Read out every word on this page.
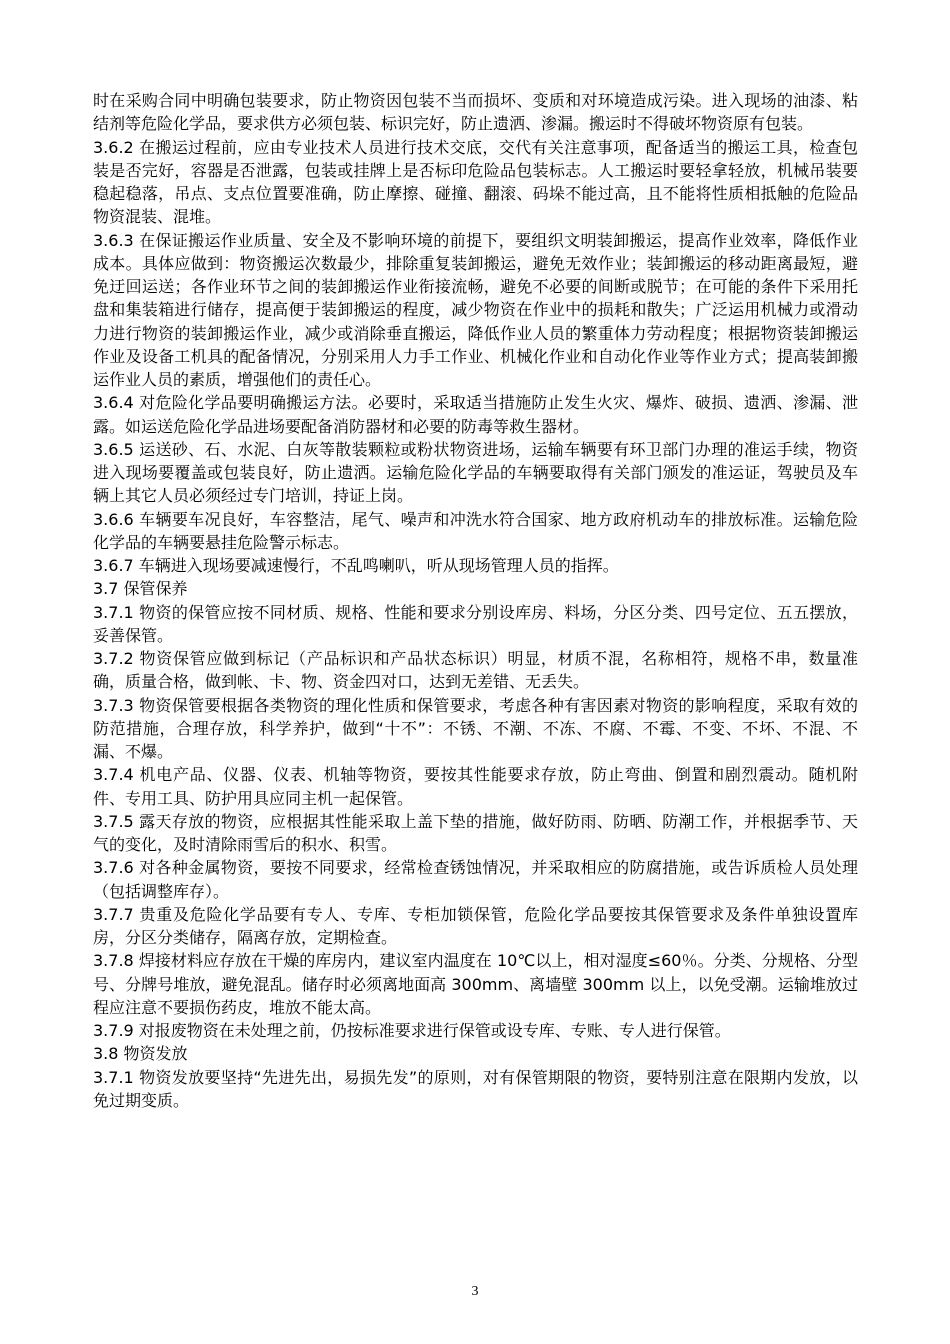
时在采购合同中明确包装要求，防止物资因包装不当而损坏、变质和对环境造成污染。进入现场的油漆、粘结剂等危险化学品，要求供方必须包装、标识完好，防止遗洒、渗漏。搬运时不得破坏物资原有包装。

3.6.2 在搬运过程前，应由专业技术人员进行技术交底，交代有关注意事项，配备适当的搬运工具，检查包装是否完好，容器是否泄露，包装或挂牌上是否标印危险品包装标志。人工搬运时要轻拿轻放，机械吊装要稳起稳落，吊点、支点位置要准确，防止摩擦、碰撞、翻滚、码垛不能过高，且不能将性质相抵触的危险品物资混装、混堆。

3.6.3 在保证搬运作业质量、安全及不影响环境的前提下，要组织文明装卸搬运，提高作业效率，降低作业成本。具体应做到：物资搬运次数最少，排除重复装卸搬运，避免无效作业；装卸搬运的移动距离最短，避免迂回运送；各作业环节之间的装卸搬运作业衔接流畅，避免不必要的间断或脱节；在可能的条件下采用托盘和集装箱进行储存，提高便于装卸搬运的程度，减少物资在作业中的损耗和散失；广泛运用机械力或滑动力进行物资的装卸搬运作业，减少或消除垂直搬运，降低作业人员的繁重体力劳动程度；根据物资装卸搬运作业及设备工机具的配备情况，分别采用人力手工作业、机械化作业和自动化作业等作业方式；提高装卸搬运作业人员的素质，增强他们的责任心。

3.6.4 对危险化学品要明确搬运方法。必要时，采取适当措施防止发生火灾、爆炸、破损、遗洒、渗漏、泄露。如运送危险化学品进场要配备消防器材和必要的防毒等救生器材。

3.6.5 运送砂、石、水泥、白灰等散装颗粒或粉状物资进场，运输车辆要有环卫部门办理的准运手续，物资进入现场要覆盖或包装良好，防止遗洒。运输危险化学品的车辆要取得有关部门颁发的准运证，驾驶员及车辆上其它人员必须经过专门培训，持证上岗。

3.6.6 车辆要车况良好，车容整洁，尾气、噪声和冲洗水符合国家、地方政府机动车的排放标准。运输危险化学品的车辆要悬挂危险警示标志。

3.6.7 车辆进入现场要减速慢行，不乱鸣喇叭，听从现场管理人员的指挥。

3.7 保管保养

3.7.1 物资的保管应按不同材质、规格、性能和要求分别设库房、料场，分区分类、四号定位、五五摆放，妥善保管。

3.7.2 物资保管应做到标记（产品标识和产品状态标识）明显，材质不混，名称相符，规格不串，数量准确，质量合格，做到帐、卡、物、资金四对口，达到无差错、无丢失。

3.7.3 物资保管要根据各类物资的理化性质和保管要求，考虑各种有害因素对物资的影响程度，采取有效的防范措施，合理存放，科学养护，做到“十不”：不锈、不潮、不冻、不腐、不霉、不变、不坏、不混、不漏、不爆。

3.7.4 机电产品、仪器、仪表、机轴等物资，要按其性能要求存放，防止弯曲、倒置和剧烈震动。随机附件、专用工具、防护用具应同主机一起保管。

3.7.5 露天存放的物资，应根据其性能采取上盖下垫的措施，做好防雨、防晒、防潮工作，并根据季节、天气的变化，及时清除雨雪后的积水、积雪。

3.7.6 对各种金属物资，要按不同要求，经常检查锈蚀情况，并采取相应的防腐措施，或告诉质检人员处理（包括调整库存）。

3.7.7 贵重及危险化学品要有专人、专库、专柜加锁保管，危险化学品要按其保管要求及条件单独设置库房，分区分类储存，隔离存放，定期检查。

3.7.8 焊接材料应存放在干燥的库房内，建议室内温度在 10℃以上，相对湿度≤60％。分类、分规格、分型号、分牌号堆放，避免混乱。储存时必须离地面高 300mm、离墙壁 300mm 以上，以免受潮。运输堆放过程应注意不要损伤药皮，堆放不能太高。

3.7.9 对报废物资在未处理之前，仍按标准要求进行保管或设专库、专账、专人进行保管。

3.8 物资发放

3.7.1 物资发放要坚持“先进先出，易损先发”的原则，对有保管期限的物资，要特别注意在限期内发放，以免过期变质。

3
